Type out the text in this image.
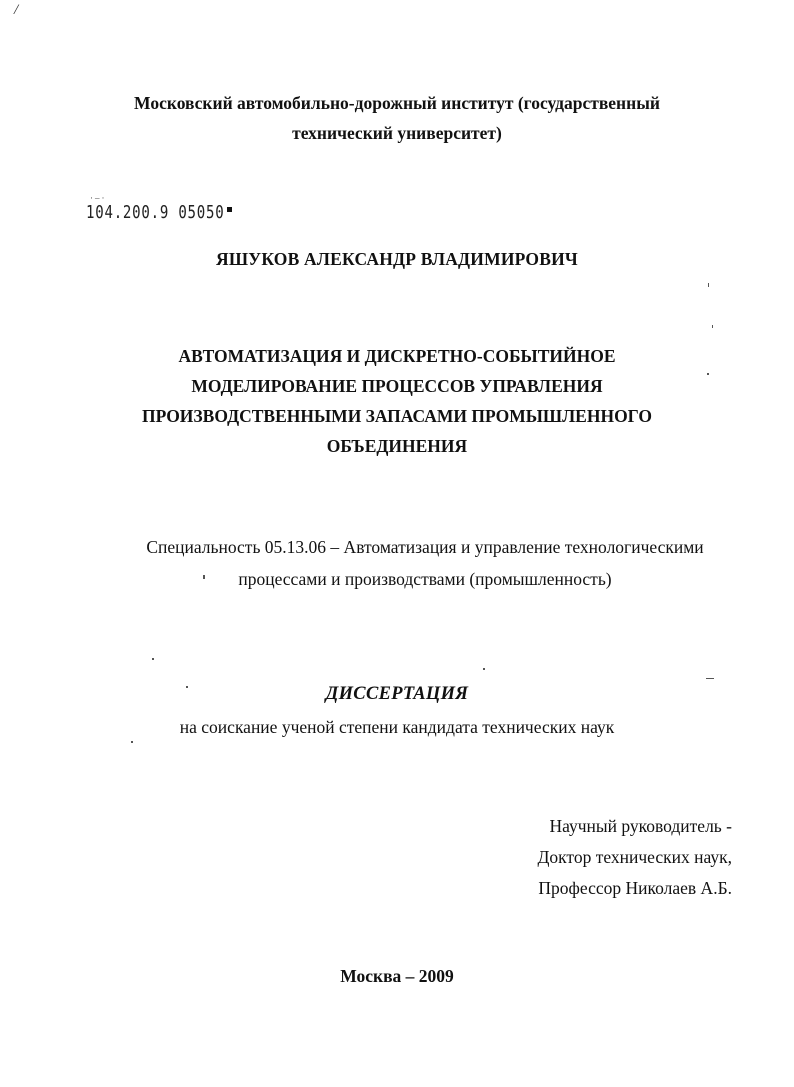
/
Московский автомобильно-дорожный институт (государственный
технический университет)
·–·
104.200.9 05050
ЯШУКОВ АЛЕКСАНДР ВЛАДИМИРОВИЧ
АВТОМАТИЗАЦИЯ И ДИСКРЕТНО-СОБЫТИЙНОЕ
МОДЕЛИРОВАНИЕ ПРОЦЕССОВ УПРАВЛЕНИЯ
ПРОИЗВОДСТВЕННЫМИ ЗАПАСАМИ ПРОМЫШЛЕННОГО
ОБЪЕДИНЕНИЯ
Специальность 05.13.06 – Автоматизация и управление технологическими
процессами и производствами (промышленность)
ДИССЕРТАЦИЯ
на соискание ученой степени кандидата технических наук
Научный руководитель -
Доктор технических наук,
Профессор Николаев А.Б.
Москва – 2009
